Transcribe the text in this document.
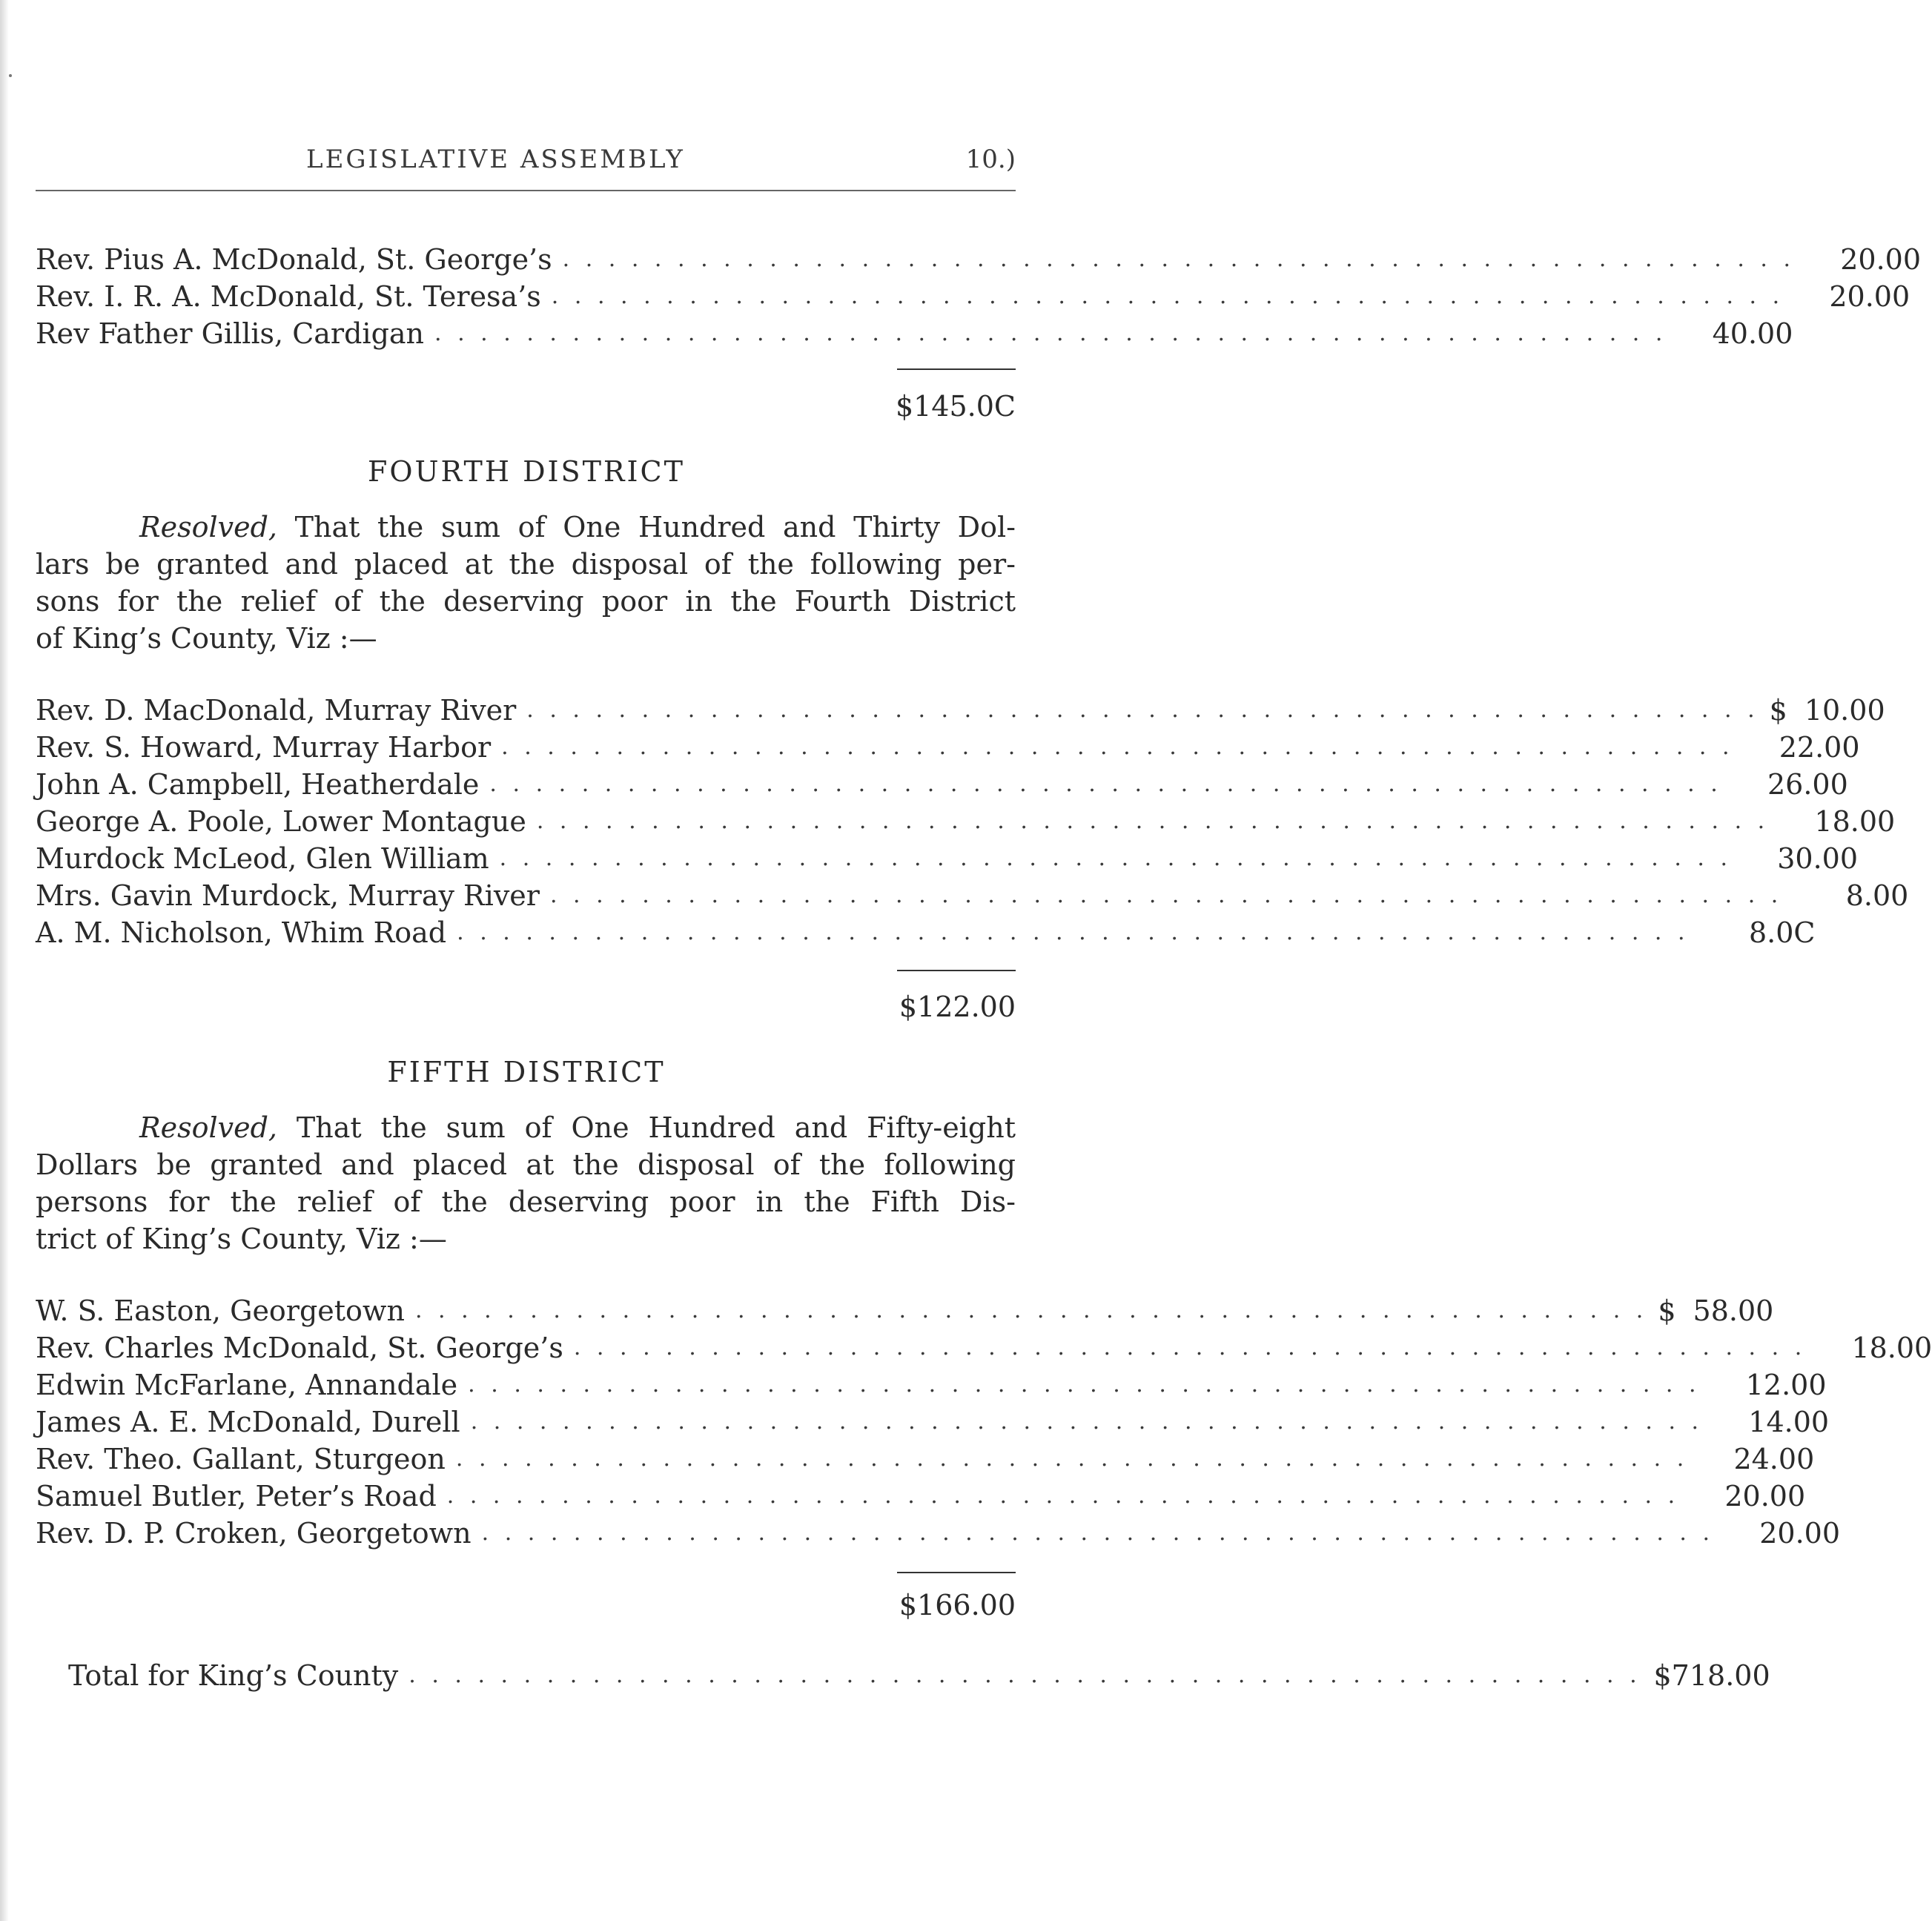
LEGISLATIVE ASSEMBLY	10.)
Rev. Pius A. McDonald, St. George’s . . . . . . . . . . . . . . . . . . . . . . . . . . . . . . . . . . . . . . . . . . . . . . . . . . . . . .	20.00
Rev. I. R. A. McDonald, St. Teresa’s . . . . . . . . . . . . . . . . . . . . . . . . . . . . . . . . . . . . . . . . . . . . . . . . . . . . . .	20.00
Rev Father Gillis, Cardigan . . . . . . . . . . . . . . . . . . . . . . . . . . . . . . . . . . . . . . . . . . . . . . . . . . . . . .	40.00
$145.0C
FOURTH DISTRICT
Resolved, That the sum of One Hundred and Thirty Dol-
lars be granted and placed at the disposal of the following per-
sons for the relief of the deserving poor in the Fourth District
of King’s County, Viz :—
Rev. D. MacDonald, Murray River . . . . . . . . . . . . . . . . . . . . . . . . . . . . . . . . . . . . . . . . . . . . . . . . . . . . . . $ 10.00
Rev. S. Howard, Murray Harbor . . . . . . . . . . . . . . . . . . . . . . . . . . . . . . . . . . . . . . . . . . . . . . . . . . . . . .	22.00
John A. Campbell, Heatherdale . . . . . . . . . . . . . . . . . . . . . . . . . . . . . . . . . . . . . . . . . . . . . . . . . . . . . .	26.00
George A. Poole, Lower Montague . . . . . . . . . . . . . . . . . . . . . . . . . . . . . . . . . . . . . . . . . . . . . . . . . . . . . .	18.00
Murdock McLeod, Glen William . . . . . . . . . . . . . . . . . . . . . . . . . . . . . . . . . . . . . . . . . . . . . . . . . . . . . .	30.00
Mrs. Gavin Murdock, Murray River . . . . . . . . . . . . . . . . . . . . . . . . . . . . . . . . . . . . . . . . . . . . . . . . . . . . . .	8.00
A. M. Nicholson, Whim Road . . . . . . . . . . . . . . . . . . . . . . . . . . . . . . . . . . . . . . . . . . . . . . . . . . . . . .	8.0C
$122.00
FIFTH DISTRICT
Resolved, That the sum of One Hundred and Fifty-eight
Dollars be granted and placed at the disposal of the following
persons for the relief of the deserving poor in the Fifth Dis-
trict of King’s County, Viz :—
W. S. Easton, Georgetown . . . . . . . . . . . . . . . . . . . . . . . . . . . . . . . . . . . . . . . . . . . . . . . . . . . . . . $ 58.00
Rev. Charles McDonald, St. George’s . . . . . . . . . . . . . . . . . . . . . . . . . . . . . . . . . . . . . . . . . . . . . . . . . . . . . .	18.00
Edwin McFarlane, Annandale . . . . . . . . . . . . . . . . . . . . . . . . . . . . . . . . . . . . . . . . . . . . . . . . . . . . . .	12.00
James A. E. McDonald, Durell . . . . . . . . . . . . . . . . . . . . . . . . . . . . . . . . . . . . . . . . . . . . . . . . . . . . . .	14.00
Rev. Theo. Gallant, Sturgeon . . . . . . . . . . . . . . . . . . . . . . . . . . . . . . . . . . . . . . . . . . . . . . . . . . . . . .	24.00
Samuel Butler, Peter’s Road . . . . . . . . . . . . . . . . . . . . . . . . . . . . . . . . . . . . . . . . . . . . . . . . . . . . . .	20.00
Rev. D. P. Croken, Georgetown . . . . . . . . . . . . . . . . . . . . . . . . . . . . . . . . . . . . . . . . . . . . . . . . . . . . . .	20.00
$166.00
Total for King’s County . . . . . . . . . . . . . . . . . . . . . . . . . . . . . . . . . . . . . . . . . . . . . . . . . . . . . . $718.00
